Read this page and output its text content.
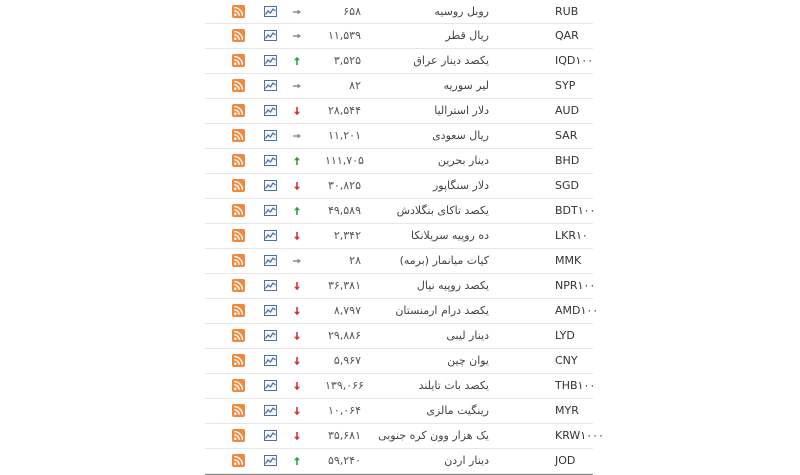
۶۵۸	روبل روسیه	RUB
۱۱,۵۳۹	ریال قطر	QAR
۳,۵۲۵	یکصد دینار عراق	IQD۱۰۰
۸۲	لیر سوریه	SYP
۲۸,۵۴۴	دلار استرالیا	AUD
۱۱,۲۰۱	ریال سعودی	SAR
۱۱۱,۷۰۵	دینار بحرین	BHD
۳۰,۸۲۵	دلار سنگاپور	SGD
۴۹,۵۸۹	یکصد تاکای بنگلادش	BDT۱۰۰
۲,۳۴۲	ده روپیه سریلانکا	LKR۱۰
۲۸	کیات میانمار (برمه)	MMK
۳۶,۳۸۱	یکصد روپیه نپال	NPR۱۰۰
۸,۷۹۷	یکصد درام ارمنستان	AMD۱۰۰
۲۹,۸۸۶	دینار لیبی	LYD
۵,۹۶۷	یوان چین	CNY
۱۳۹,۰۶۶	یکصد بات تایلند	THB۱۰۰
۱۰,۰۶۴	رینگیت مالزی	MYR
۳۵,۶۸۱	یک هزار وون کره جنوبی	KRW۱۰۰۰
۵۹,۲۴۰	دینار اردن	JOD
